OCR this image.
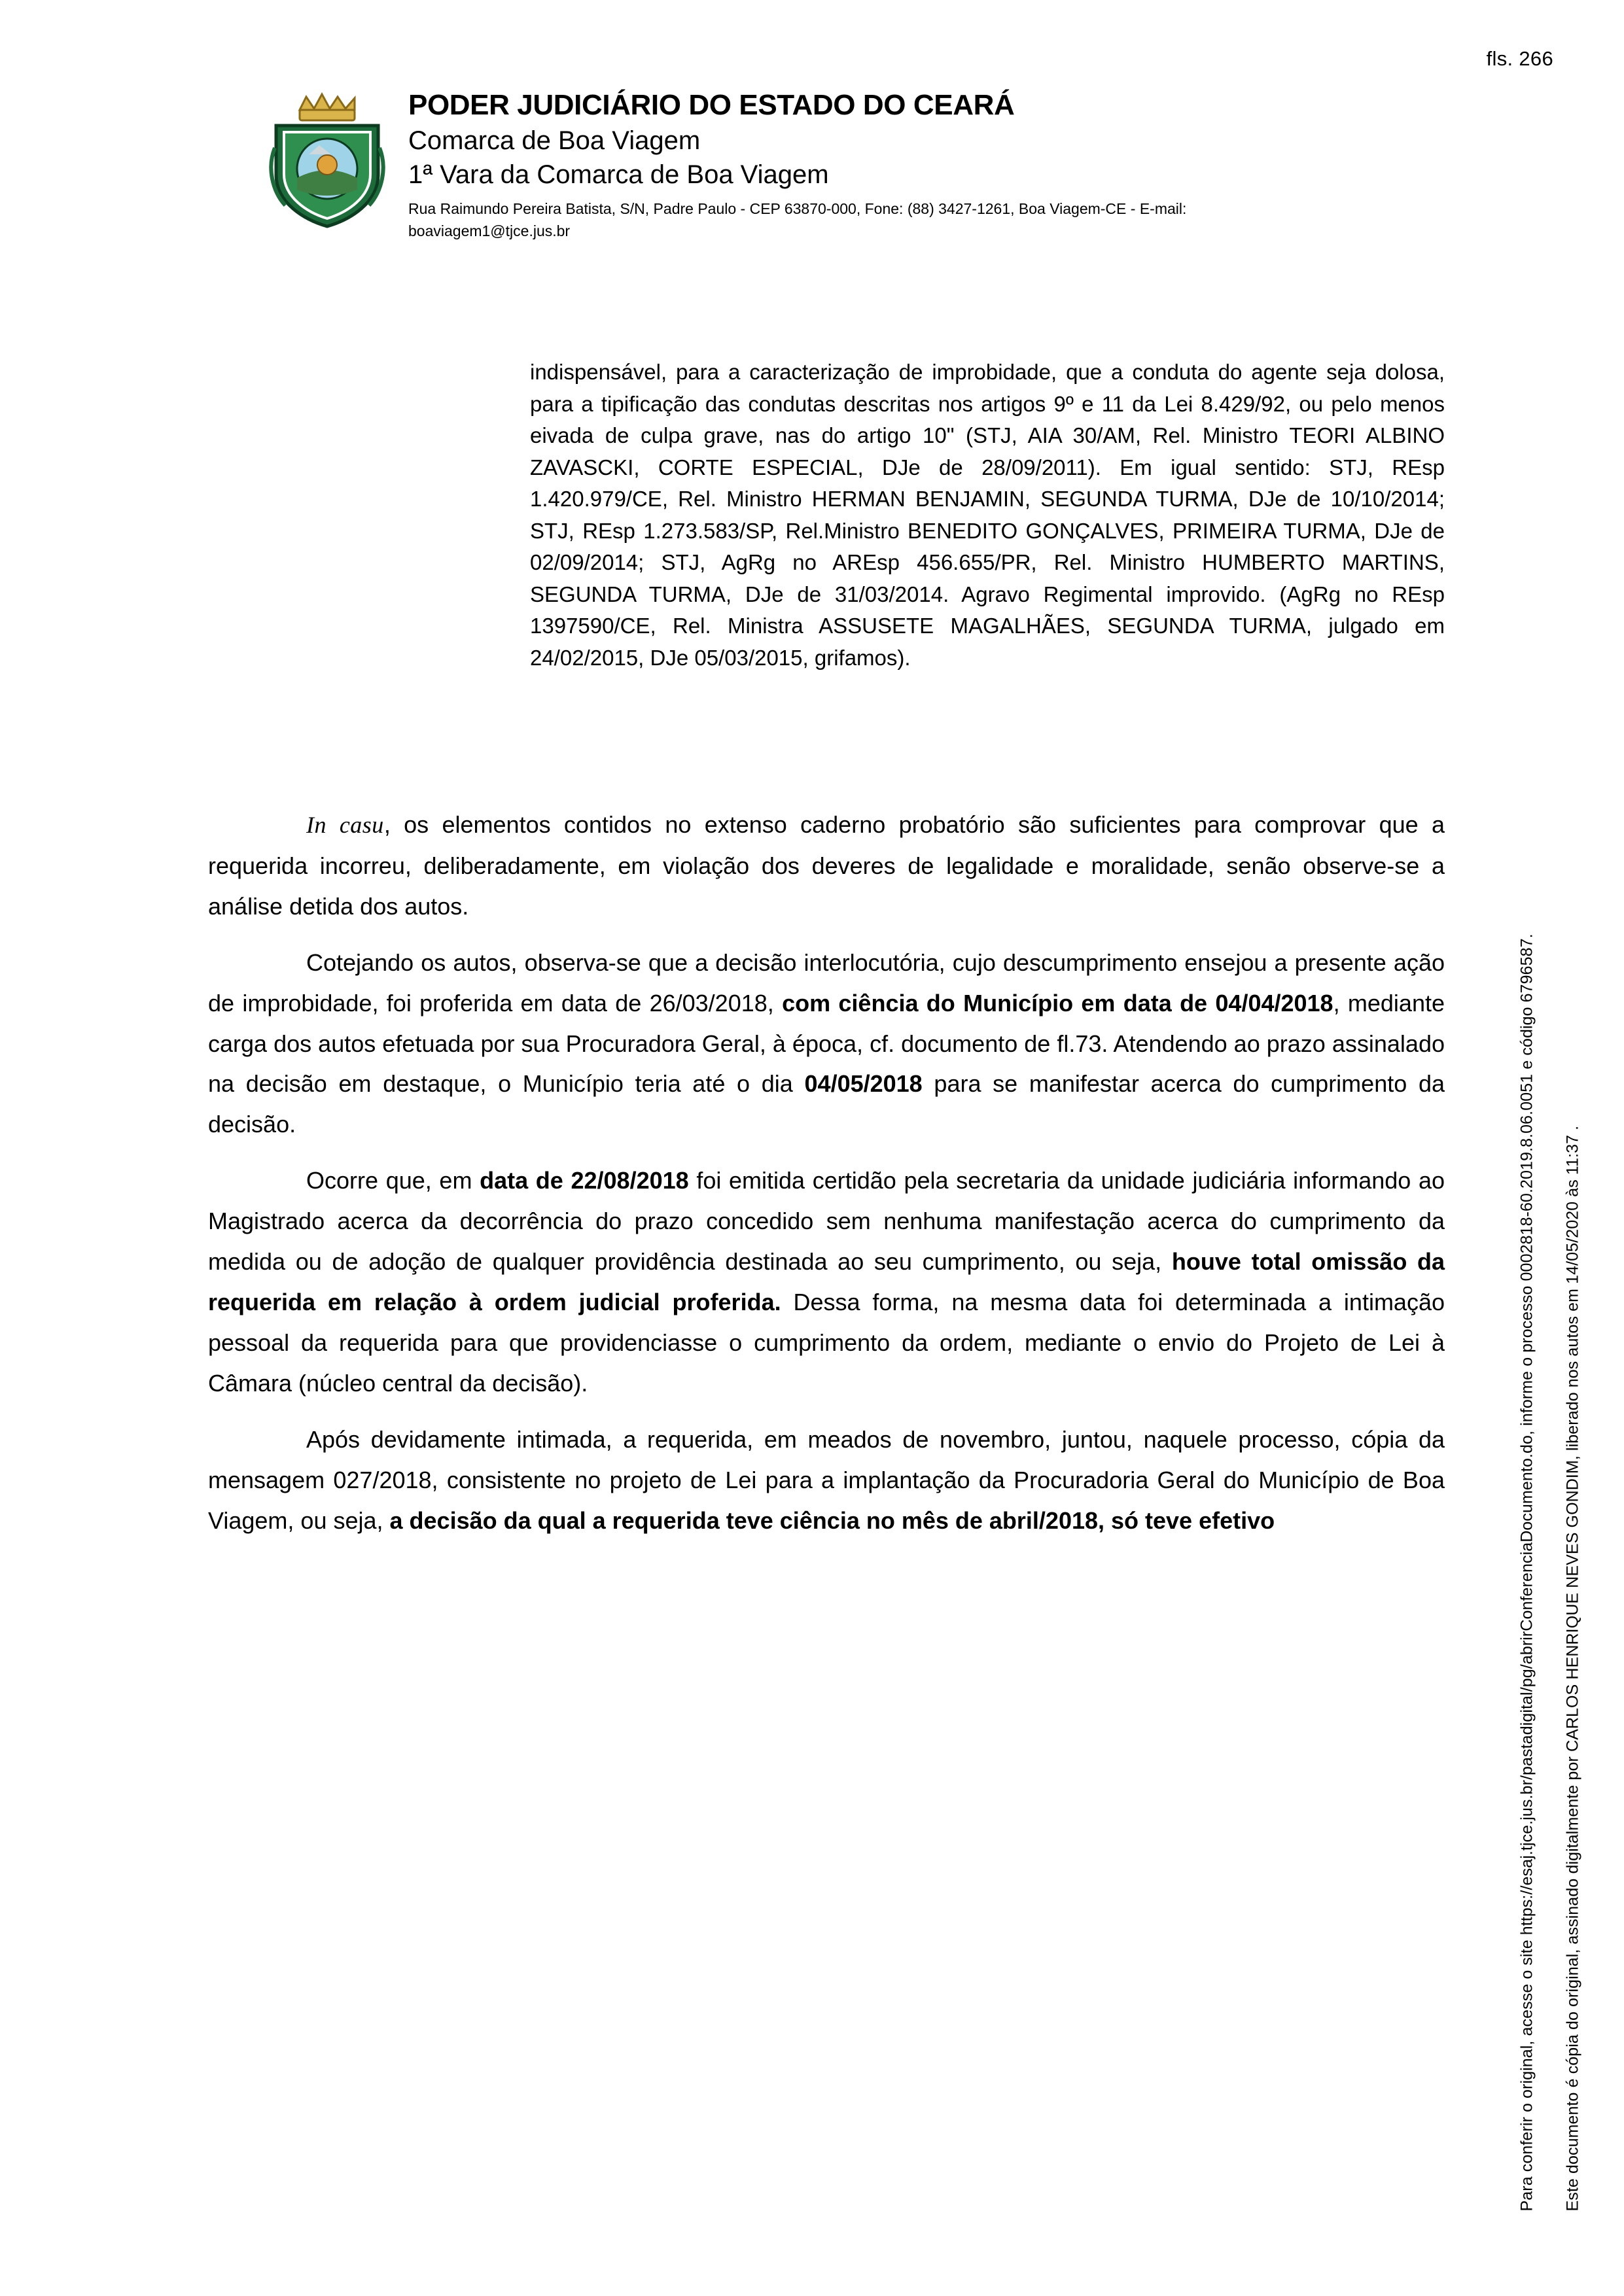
fls. 266
PODER JUDICIÁRIO DO ESTADO DO CEARÁ
Comarca de Boa Viagem
1ª Vara da Comarca de Boa Viagem
Rua Raimundo Pereira Batista, S/N, Padre Paulo - CEP 63870-000, Fone: (88) 3427-1261, Boa Viagem-CE - E-mail: boaviagem1@tjce.jus.br
indispensável, para a caracterização de improbidade, que a conduta do agente seja dolosa, para a tipificação das condutas descritas nos artigos 9º e 11 da Lei 8.429/92, ou pelo menos eivada de culpa grave, nas do artigo 10" (STJ, AIA 30/AM, Rel. Ministro TEORI ALBINO ZAVASCKI, CORTE ESPECIAL, DJe de 28/09/2011). Em igual sentido: STJ, REsp 1.420.979/CE, Rel. Ministro HERMAN BENJAMIN, SEGUNDA TURMA, DJe de 10/10/2014; STJ, REsp 1.273.583/SP, Rel.Ministro BENEDITO GONÇALVES, PRIMEIRA TURMA, DJe de 02/09/2014; STJ, AgRg no AREsp 456.655/PR, Rel. Ministro HUMBERTO MARTINS, SEGUNDA TURMA, DJe de 31/03/2014. Agravo Regimental improvido. (AgRg no REsp 1397590/CE, Rel. Ministra ASSUSETE MAGALHÃES, SEGUNDA TURMA, julgado em 24/02/2015, DJe 05/03/2015, grifamos).

In casu, os elementos contidos no extenso caderno probatório são suficientes para comprovar que a requerida incorreu, deliberadamente, em violação dos deveres de legalidade e moralidade, senão observe-se a análise detida dos autos.

Cotejando os autos, observa-se que a decisão interlocutória, cujo descumprimento ensejou a presente ação de improbidade, foi proferida em data de 26/03/2018, com ciência do Município em data de 04/04/2018, mediante carga dos autos efetuada por sua Procuradora Geral, à época, cf. documento de fl.73. Atendendo ao prazo assinalado na decisão em destaque, o Município teria até o dia 04/05/2018 para se manifestar acerca do cumprimento da decisão.

Ocorre que, em data de 22/08/2018 foi emitida certidão pela secretaria da unidade judiciária informando ao Magistrado acerca da decorrência do prazo concedido sem nenhuma manifestação acerca do cumprimento da medida ou de adoção de qualquer providência destinada ao seu cumprimento, ou seja, houve total omissão da requerida em relação à ordem judicial proferida. Dessa forma, na mesma data foi determinada a intimação pessoal da requerida para que providenciasse o cumprimento da ordem, mediante o envio do Projeto de Lei à Câmara (núcleo central da decisão).

Após devidamente intimada, a requerida, em meados de novembro, juntou, naquele processo, cópia da mensagem 027/2018, consistente no projeto de Lei para a implantação da Procuradoria Geral do Município de Boa Viagem, ou seja, a decisão da qual a requerida teve ciência no mês de abril/2018, só teve efetivo	Este documento é cópia do original, assinado digitalmente por CARLOS HENRIQUE NEVES GONDIM, liberado nos autos em 14/05/2020 às 11:37 .
Para conferir o original, acesse o site https://esaj.tjce.jus.br/pastadigital/pg/abrirConferenciaDocumento.do, informe o processo 0002818-60.2019.8.06.0051 e código 6796587.
